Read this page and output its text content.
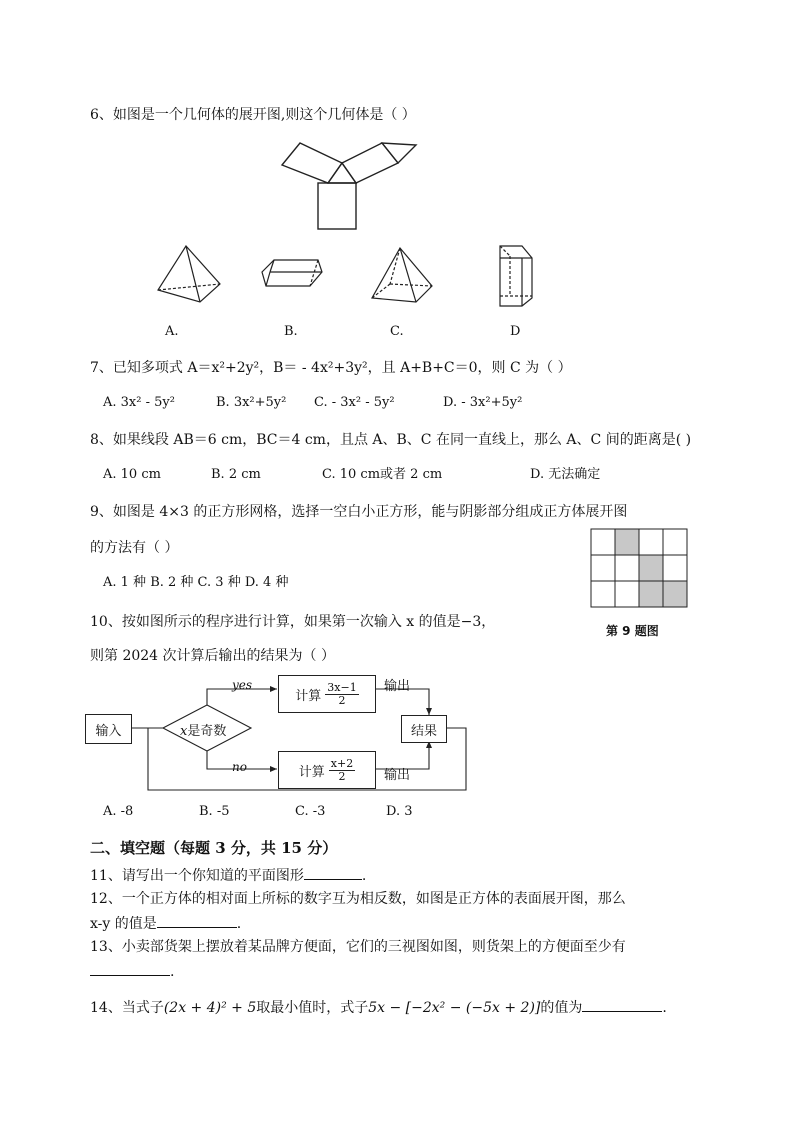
6、如图是一个几何体的展开图,则这个几何体是（ ）
A.	B.	C.	D
7、已知多项式 A＝x²+2y²，B＝ - 4x²+3y²，且 A+B+C＝0，则 C 为（ ）
A. 3x² - 5y²	B. 3x²+5y² C. - 3x² - 5y²	D. - 3x²+5y²
8、如果线段 AB＝6 cm，BC＝4 cm，且点 A、B、C 在同一直线上，那么 A、C 间的距离是( )
A. 10 cm	B. 2 cm	C. 10 cm或者 2 cm	D. 无法确定
9、如图是 4×3 的正方形网格，选择一空白小正方形，能与阴影部分组成正方体展开图
的方法有（ ）
A. 1 种 B. 2 种 C. 3 种 D. 4 种
第 9 题图
10、按如图所示的程序进行计算，如果第一次输入 x 的值是−3，
则第 2024 次计算后输出的结果为（ ）
输入	x是奇数
yes
no
计算 $\frac{3x-1}{2}$
计算 $\frac{x+2}{2}$
输出
输出
结果
A. -8	B. -5	C. -3	D. 3
二、填空题（每题 3 分，共 15 分）
11、请写出一个你知道的平面图形	.
12、一个正方体的相对面上所标的数字互为相反数，如图是正方体的表面展开图，那么
x-y 的值是	.
13、小卖部货架上摆放着某品牌方便面，它们的三视图如图，则货架上的方便面至少有
.
14、当式子(2x + 4)² + 5取最小值时，式子5x − [−2x² − (−5x + 2)]的值为	.
